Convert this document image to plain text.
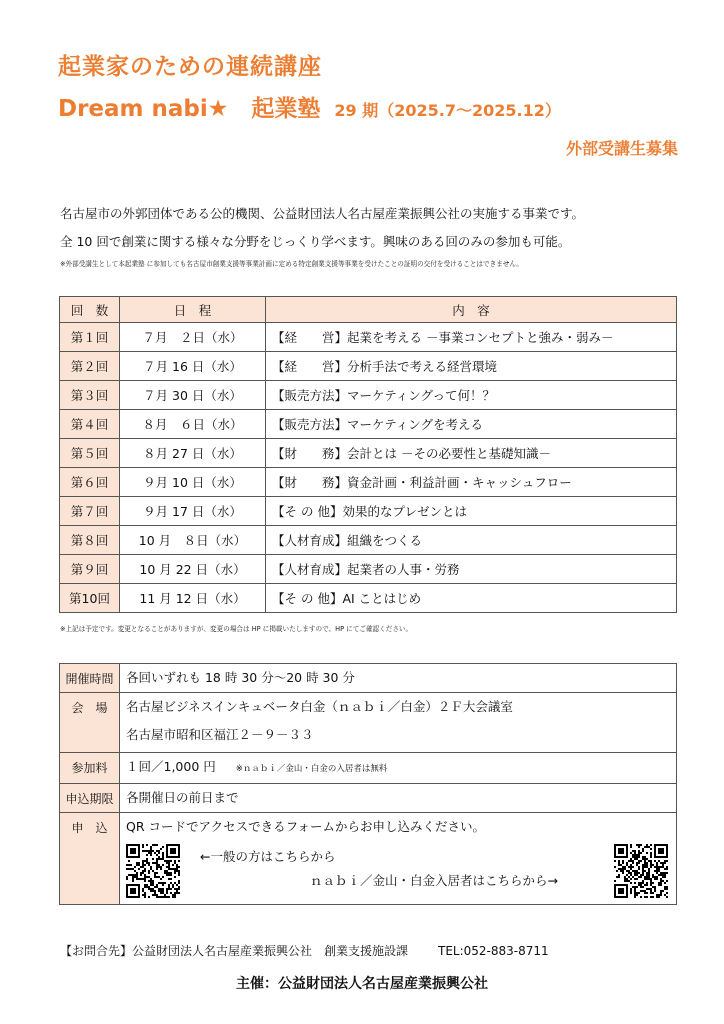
起業家のための連続講座
Dream nabi★　起業塾 29 期（2025.7～2025.12）
外部受講生募集
名古屋市の外郭団体である公的機関、公益財団法人名古屋産業振興公社の実施する事業です。
全 10 回で創業に関する様々な分野をじっくり学べます。興味のある回のみの参加も可能。
※外部受講生として本起業塾 に参加しても名古屋市創業支援等事業計画に定める特定創業支援等事業を受けたことの証明の交付を受けることはできません。
回　数	日　程	内　容
第１回	７月　２日（水）	【経　　営】起業を考える －事業コンセプトと強み・弱み－
第２回	７月 16 日（水）	【経　　営】分析手法で考える経営環境
第３回	７月 30 日（水）	【販売方法】マーケティングって何！？
第４回	８月　６日（水）	【販売方法】マーケティングを考える
第５回	８月 27 日（水）	【財　　務】会計とは －その必要性と基礎知識－
第６回	９月 10 日（水）	【財　　務】資金計画・利益計画・キャッシュフロー
第７回	９月 17 日（水）	【そ の 他】効果的なプレゼンとは
第８回	10 月　８日（水）	【人材育成】組織をつくる
第９回	10 月 22 日（水）	【人材育成】起業者の人事・労務
第10回	11 月 12 日（水）	【そ の 他】AI ことはじめ
※上記は予定です。変更となることがありますが、変更の場合は HP に掲載いたしますので、HP にてご確認ください。
開催時間	各回いずれも 18 時 30 分～20 時 30 分

会　場	名古屋ビジネスインキュベータ白金（ｎａｂｉ／白金）２Ｆ大会議室
名古屋市昭和区福江２－９－３３

参加料	１回／1,000 円 ※ｎａｂｉ／金山・白金の入居者は無料

申込期限	各開催日の前日まで

申　込	QR コードでアクセスできるフォームからお申し込みください。
←一般の方はこちらから
ｎａｂｉ／金山・白金入居者はこちらから→
【お問合先】公益財団法人名古屋産業振興公社　創業支援施設課	TEL:052-883-8711
主催：公益財団法人名古屋産業振興公社
